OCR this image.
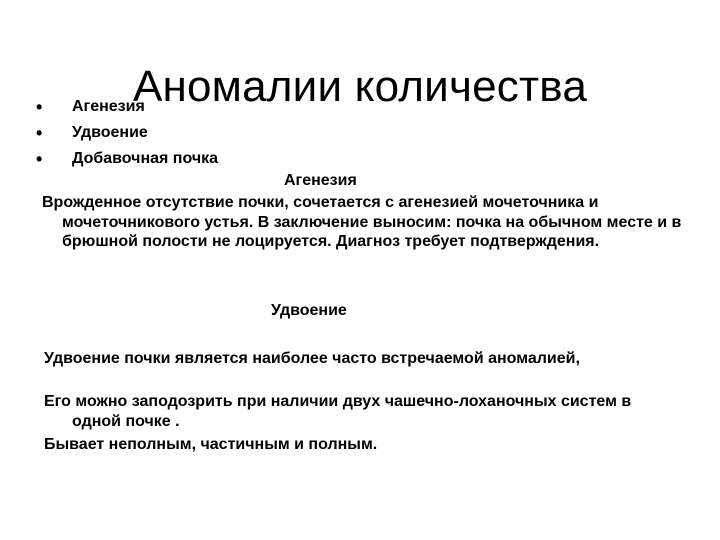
Аномалии количества
• Агенезия
• Удвоение
• Добавочная почка
Агенезия

Врожденное отсутствие почки, сочетается с агенезией мочеточника и мочеточникового устья. В заключение выносим: почка на обычном месте и в брюшной полости не лоцируется. Диагноз требует подтверждения.

Удвоение

Удвоение почки является наиболее часто встречаемой аномалией,

Его можно заподозрить при наличии двух чашечно-лоханочных систем в одной почке .

Бывает неполным, частичным и полным.
